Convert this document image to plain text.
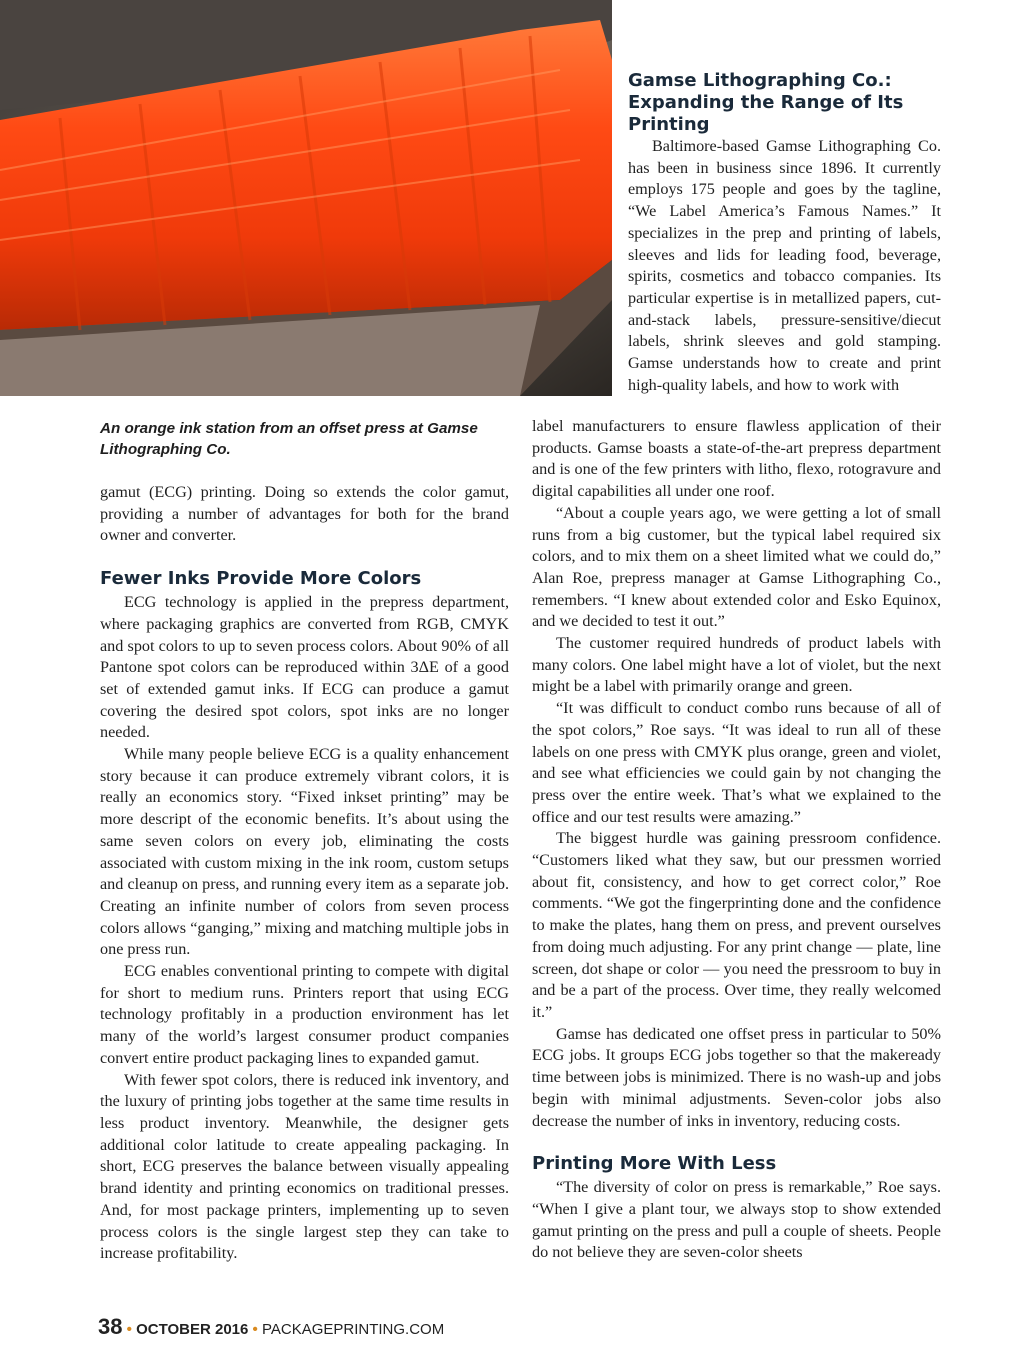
Gamse Lithographing Co.: Expanding the Range of Its Printing

Baltimore-based Gamse Lithographing Co. has been in business since 1896. It currently employs 175 people and goes by the tagline, “We Label America’s Famous Names.” It specializes in the prep and printing of labels, sleeves and lids for leading food, beverage, spirits, cosmetics and tobacco companies. Its particular expertise is in metallized papers, cut-and-stack labels, pressure-sensitive/diecut labels, shrink sleeves and gold stamping. Gamse understands how to create and print high-quality labels, and how to work with

An orange ink station from an offset press at Gamse Lithographing Co.

label manufacturers to ensure flawless application of their products. Gamse boasts a state-of-the-art prepress department and is one of the few printers with litho, flexo, rotogravure and digital capabilities all under one roof.

“About a couple years ago, we were getting a lot of small runs from a big customer, but the typical label required six colors, and to mix them on a sheet limited what we could do,” Alan Roe, prepress manager at Gamse Lithographing Co., remembers. “I knew about extended color and Esko Equinox, and we decided to test it out.”

The customer required hundreds of product labels with many colors. One label might have a lot of violet, but the next might be a label with primarily orange and green.

“It was difficult to conduct combo runs because of all of the spot colors,” Roe says. “It was ideal to run all of these labels on one press with CMYK plus orange, green and violet, and see what efficiencies we could gain by not changing the press over the entire week. That’s what we explained to the office and our test results were amazing.”

The biggest hurdle was gaining pressroom confidence. “Customers liked what they saw, but our pressmen worried about fit, consistency, and how to get correct color,” Roe comments. “We got the fingerprinting done and the confidence to make the plates, hang them on press, and prevent ourselves from doing much adjusting. For any print change — plate, line screen, dot shape or color — you need the pressroom to buy in and be a part of the process. Over time, they really welcomed it.”

Gamse has dedicated one offset press in particular to 50% ECG jobs. It groups ECG jobs together so that the makeready time between jobs is minimized. There is no wash-up and jobs begin with minimal adjustments. Seven-color jobs also decrease the number of inks in inventory, reducing costs.

Printing More With Less

“The diversity of color on press is remarkable,” Roe says. “When I give a plant tour, we always stop to show extended gamut printing on the press and pull a couple of sheets. People do not believe they are seven-color sheets

gamut (ECG) printing. Doing so extends the color gamut, providing a number of advantages for both for the brand owner and converter.

Fewer Inks Provide More Colors

ECG technology is applied in the prepress department, where packaging graphics are converted from RGB, CMYK and spot colors to up to seven process colors. About 90% of all Pantone spot colors can be reproduced within 3ΔE of a good set of extended gamut inks. If ECG can produce a gamut covering the desired spot colors, spot inks are no longer needed.

While many people believe ECG is a quality enhancement story because it can produce extremely vibrant colors, it is really an economics story. “Fixed inkset printing” may be more descript of the economic benefits. It’s about using the same seven colors on every job, eliminating the costs associated with custom mixing in the ink room, custom setups and cleanup on press, and running every item as a separate job. Creating an infinite number of colors from seven process colors allows “ganging,” mixing and matching multiple jobs in one press run.

ECG enables conventional printing to compete with digital for short to medium runs. Printers report that using ECG technology profitably in a production environment has let many of the world’s largest consumer product companies convert entire product packaging lines to expanded gamut.

With fewer spot colors, there is reduced ink inventory, and the luxury of printing jobs together at the same time results in less product inventory. Meanwhile, the designer gets additional color latitude to create appealing packaging. In short, ECG preserves the balance between visually appealing brand identity and printing economics on traditional presses. And, for most package printers, implementing up to seven process colors is the single largest step they can take to increase profitability.

38 • OCTOBER 2016 • PACKAGEPRINTING.COM
